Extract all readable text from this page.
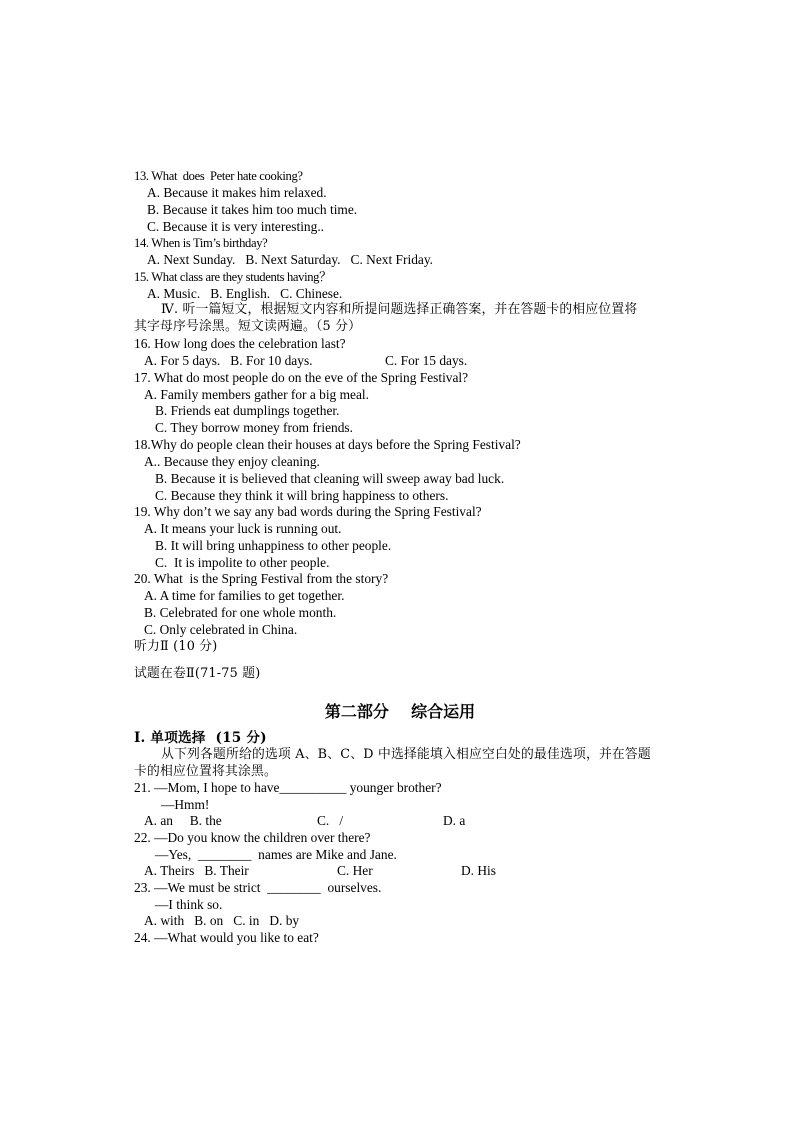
13. What  does  Peter hate cooking?
A. Because it makes him relaxed.
B. Because it takes him too much time.
C. Because it is very interesting..
14. When is Tim’s birthday?
A. Next Sunday.   B. Next Saturday.   C. Next Friday.
15. What class are they students having？
A. Music.   B. English.   C. Chinese.
Ⅳ. 听一篇短文，根据短文内容和所提问题选择正确答案，并在答题卡的相应位置将
其字母序号涂黑。短文读两遍。（5 分）
16. How long does the celebration last?
A. For 5 days.   B. For 10 days.	C. For 15 days.
17. What do most people do on the eve of the Spring Festival?
A. Family members gather for a big meal.
B. Friends eat dumplings together.
C. They borrow money from friends.
18.Why do people clean their houses at days before the Spring Festival?
A.. Because they enjoy cleaning.
B. Because it is believed that cleaning will sweep away bad luck.
C. Because they think it will bring happiness to others.
19. Why don’t we say any bad words during the Spring Festival?
A. It means your luck is running out.
B. It will bring unhappiness to other people.
C.  It is impolite to other people.
20. What  is the Spring Festival from the story?
A. A time for families to get together.
B. Celebrated for one whole month.
C. Only celebrated in China.
听力Ⅱ (10 分)
试题在卷Ⅱ(71-75 题)
第二部分    综合运用
I. 单项选择  (15 分)
从下列各题所给的选项 A、B、C、D 中选择能填入相应空白处的最佳选项，并在答题
卡的相应位置将其涂黑。
21. —Mom, I hope to have__________ younger brother?
—Hmm!
A. an     B. the	C.   /	D. a
22. —Do you know the children over there?
—Yes,  ________  names are Mike and Jane.
A. Theirs   B. Their	C. Her	D. His
23. —We must be strict  ________  ourselves.
—I think so.
A. with   B. on   C. in   D. by
24. —What would you like to eat?
